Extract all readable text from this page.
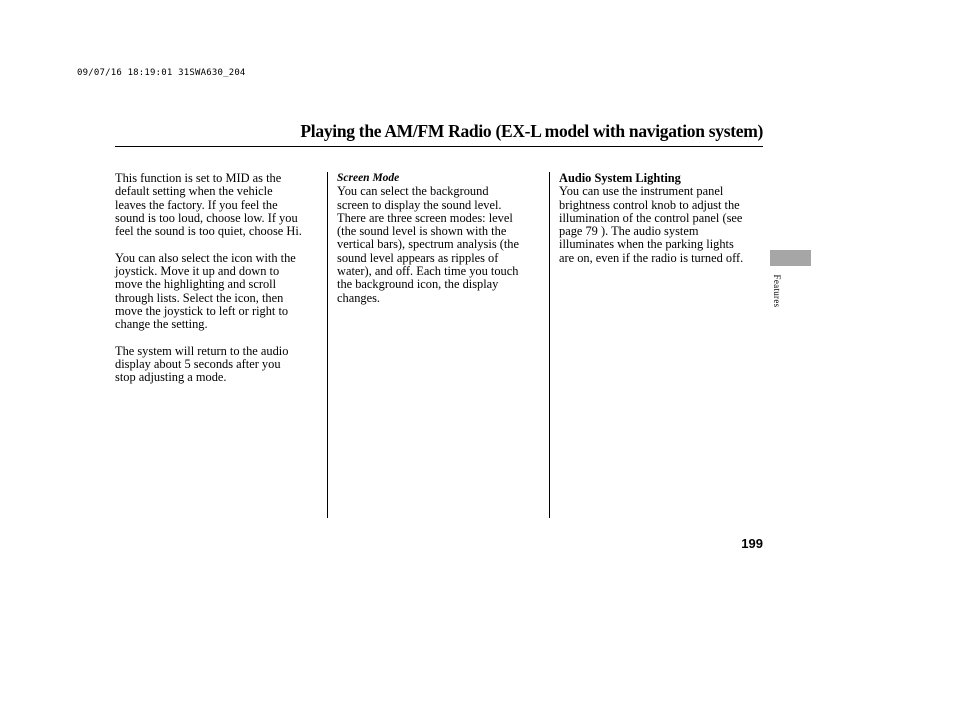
09/07/16 18:19:01 31SWA630_204
Playing the AM/FM Radio (EX-L model with navigation system)

This function is set to MID as the
default setting when the vehicle
leaves the factory. If you feel the
sound is too loud, choose low. If you
feel the sound is too quiet, choose Hi.

You can also select the icon with the
joystick. Move it up and down to
move the highlighting and scroll
through lists. Select the icon, then
move the joystick to left or right to
change the setting.

The system will return to the audio
display about 5 seconds after you
stop adjusting a mode.

Screen Mode

You can select the background
screen to display the sound level.
There are three screen modes: level
(the sound level is shown with the
vertical bars), spectrum analysis (the
sound level appears as ripples of
water), and off. Each time you touch
the background icon, the display
changes.

Audio System Lighting

You can use the instrument panel
brightness control knob to adjust the
illumination of the control panel (see
page 79 ). The audio system
illuminates when the parking lights
are on, even if the radio is turned off.

Features
199
